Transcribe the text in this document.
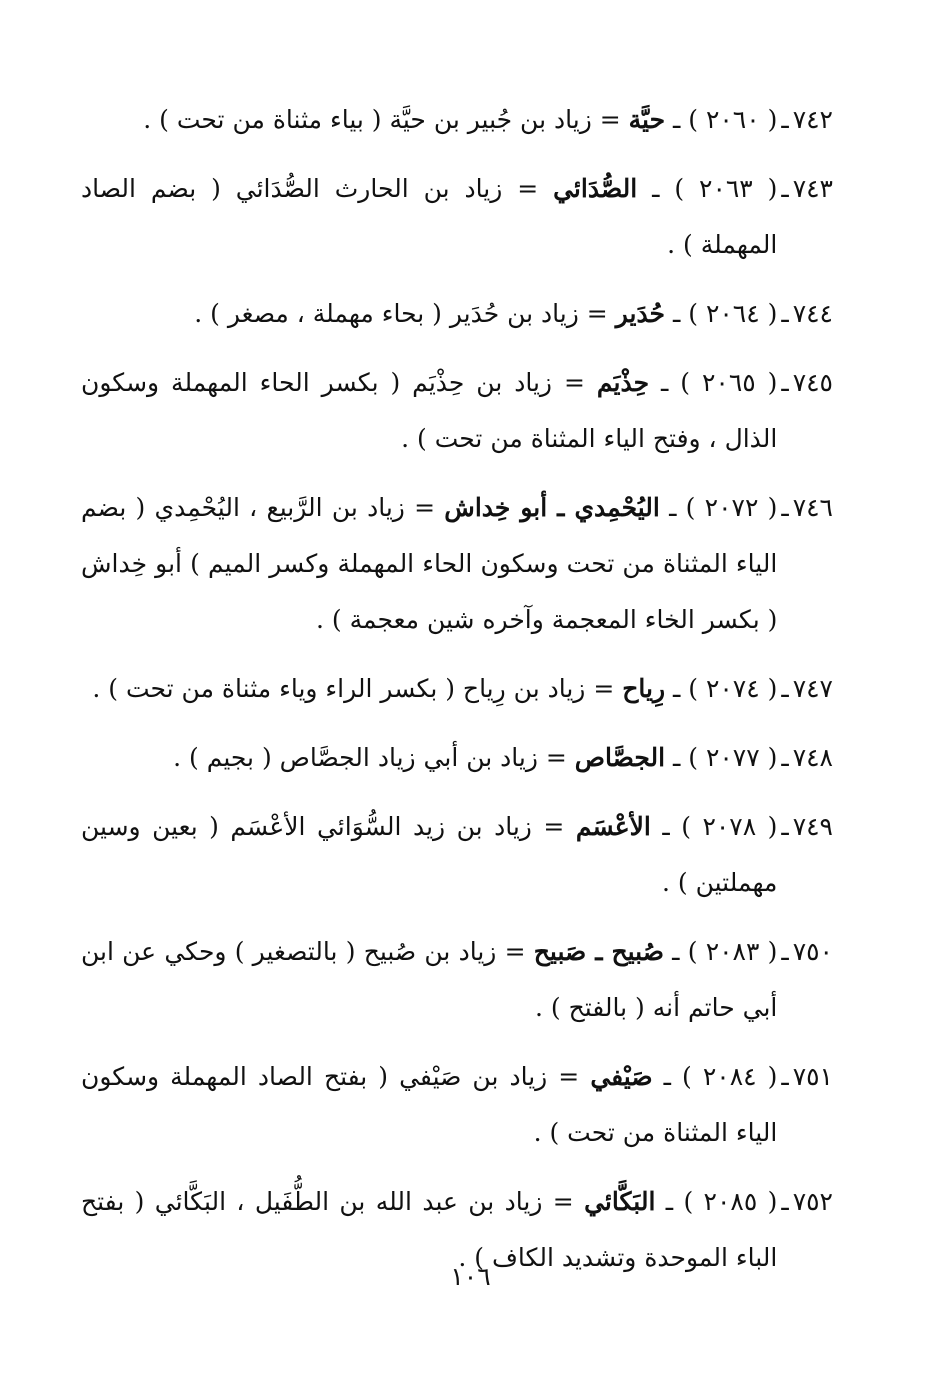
٧٤٢
ـ
( ٢٠٦٠ ) ـ حيَّة = زياد بن جُبير بن حيَّة ( بياء مثناة من تحت ) .
٧٤٣
ـ
( ٢٠٦٣ ) ـ الصُّدَائي = زياد بن الحارث الصُّدَائي ( بضم الصاد المهملة ) .
٧٤٤
ـ
( ٢٠٦٤ ) ـ حُدَير = زياد بن حُدَير ( بحاء مهملة ، مصغر ) .
٧٤٥
ـ
( ٢٠٦٥ ) ـ حِذْيَم = زياد بن حِذْيَم ( بكسر الحاء المهملة وسكون الذال ، وفتح الياء المثناة من تحت ) .
٧٤٦
ـ
( ٢٠٧٢ ) ـ اليُحْمِدي ـ أبو خِداش = زياد بن الرَّبيع ، اليُحْمِدي ( بضم الياء المثناة من تحت وسكون الحاء المهملة وكسر الميم ) أبو خِداش ( بكسر الخاء المعجمة وآخره شين معجمة ) .
٧٤٧
ـ
( ٢٠٧٤ ) ـ رِياح = زياد بن رِياح ( بكسر الراء وياء مثناة من تحت ) .
٧٤٨
ـ
( ٢٠٧٧ ) ـ الجصَّاص = زياد بن أبي زياد الجصَّاص ( بجيم ) .
٧٤٩
ـ
( ٢٠٧٨ ) ـ الأعْسَم = زياد بن زيد السُّوَائي الأعْسَم ( بعين وسين مهملتين ) .
٧٥٠
ـ
( ٢٠٨٣ ) ـ صُبيح ـ صَبيح = زياد بن صُبيح ( بالتصغير ) وحكي عن ابن أبي حاتم أنه ( بالفتح ) .
٧٥١
ـ
( ٢٠٨٤ ) ـ صَيْفي = زياد بن صَيْفي ( بفتح الصاد المهملة وسكون الياء المثناة من تحت ) .
٧٥٢
ـ
( ٢٠٨٥ ) ـ البَكَّائي = زياد بن عبد الله بن الطُّفَيل ، البَكَّائي ( بفتح الباء الموحدة وتشديد الكاف ) .
١٠٦
